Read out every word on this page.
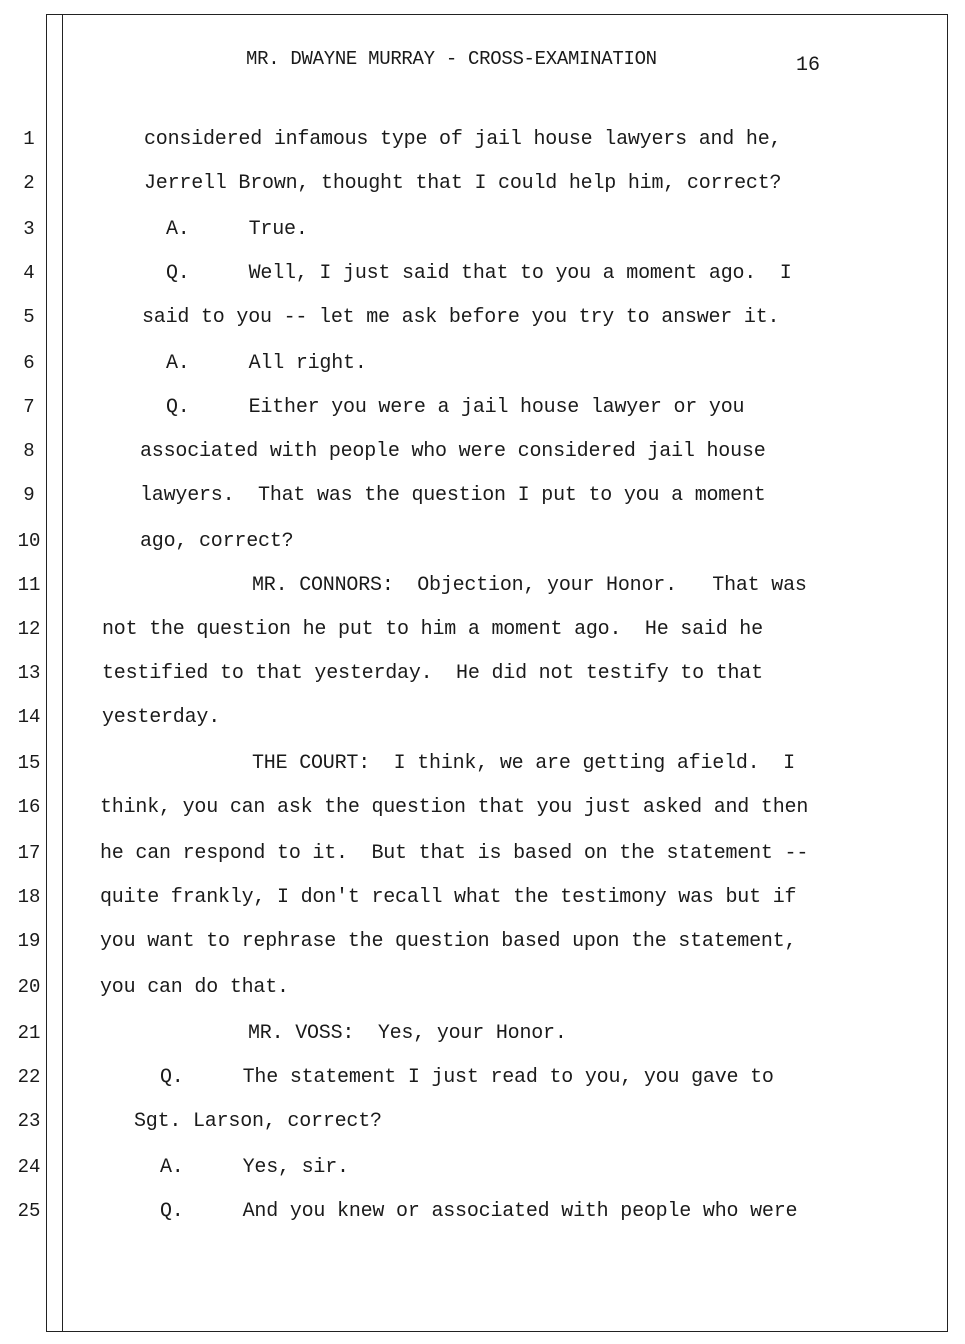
MR. DWAYNE MURRAY - CROSS-EXAMINATION	16
1	considered infamous type of jail house lawyers and he,
2	Jerrell Brown, thought that I could help him, correct?
3	A.     True.
4	Q.     Well, I just said that to you a moment ago.  I
5	said to you -- let me ask before you try to answer it.
6	A.     All right.
7	Q.     Either you were a jail house lawyer or you
8	associated with people who were considered jail house
9	lawyers.  That was the question I put to you a moment
10	ago, correct?
11	MR. CONNORS:  Objection, your Honor.   That was
12	not the question he put to him a moment ago.  He said he
13	testified to that yesterday.  He did not testify to that
14	yesterday.
15	THE COURT:  I think, we are getting afield.  I
16	think, you can ask the question that you just asked and then
17	he can respond to it.  But that is based on the statement --
18	quite frankly, I don't recall what the testimony was but if
19	you want to rephrase the question based upon the statement,
20	you can do that.
21	MR. VOSS:  Yes, your Honor.
22	Q.     The statement I just read to you, you gave to
23	Sgt. Larson, correct?
24	A.     Yes, sir.
25	Q.     And you knew or associated with people who were
